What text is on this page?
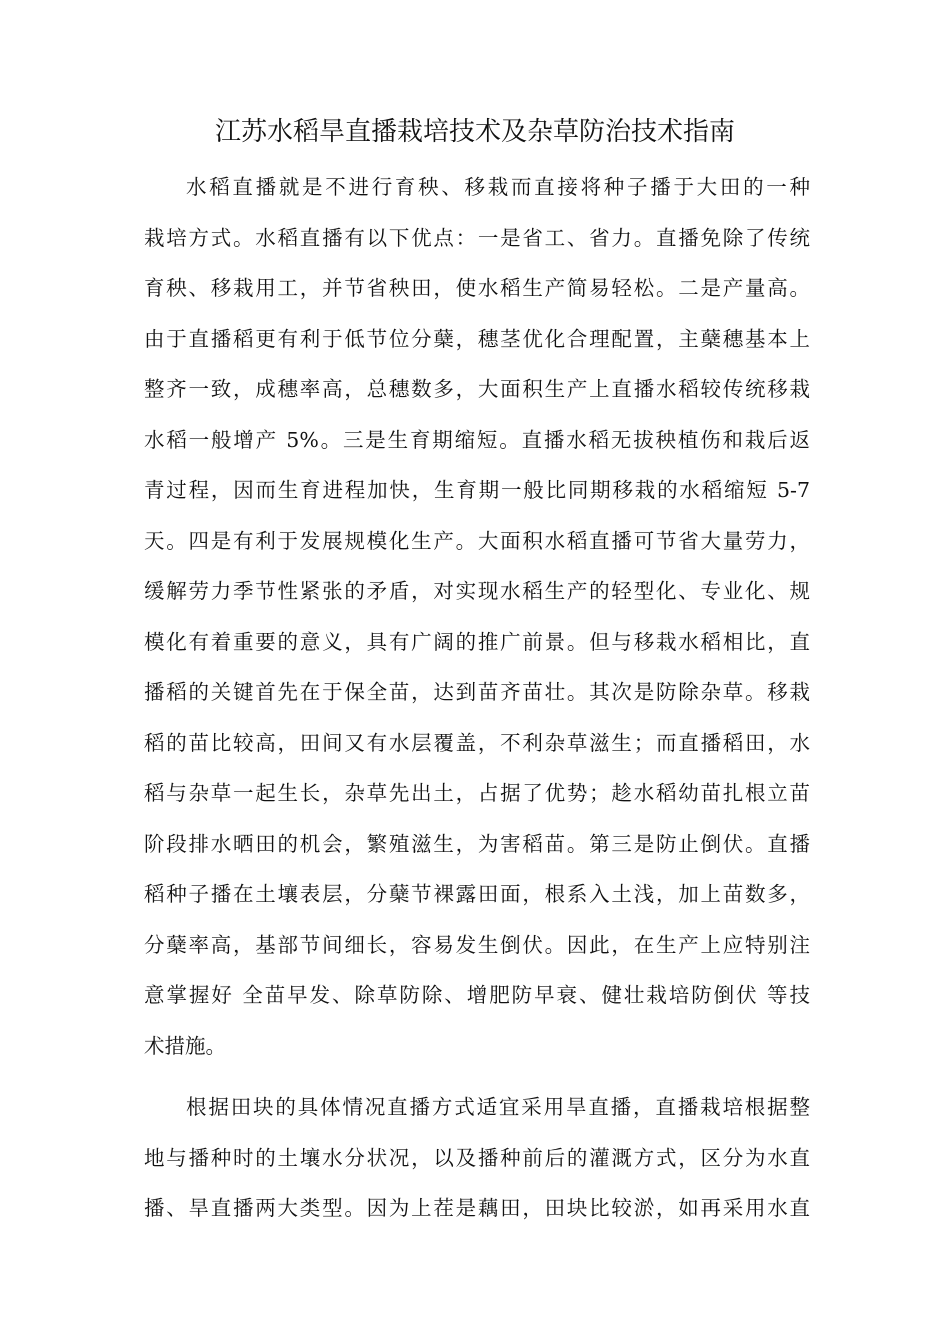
江苏水稻旱直播栽培技术及杂草防治技术指南
水稻直播就是不进行育秧、移栽而直接将种子播于大田的一种
栽培方式。水稻直播有以下优点：一是省工、省力。直播免除了传统
育秧、移栽用工，并节省秧田，使水稻生产简易轻松。二是产量高。
由于直播稻更有利于低节位分蘖，穗茎优化合理配置，主蘖穗基本上
整齐一致，成穗率高，总穗数多，大面积生产上直播水稻较传统移栽
水稻一般增产 5%。三是生育期缩短。直播水稻无拔秧植伤和栽后返
青过程，因而生育进程加快，生育期一般比同期移栽的水稻缩短 5-7
天。四是有利于发展规模化生产。大面积水稻直播可节省大量劳力，
缓解劳力季节性紧张的矛盾，对实现水稻生产的轻型化、专业化、规
模化有着重要的意义，具有广阔的推广前景。但与移栽水稻相比，直
播稻的关键首先在于保全苗，达到苗齐苗壮。其次是防除杂草。移栽
稻的苗比较高，田间又有水层覆盖，不利杂草滋生；而直播稻田，水
稻与杂草一起生长，杂草先出土，占据了优势；趁水稻幼苗扎根立苗
阶段排水晒田的机会，繁殖滋生，为害稻苗。第三是防止倒伏。直播
稻种子播在土壤表层，分蘖节裸露田面，根系入土浅，加上苗数多，
分蘖率高，基部节间细长，容易发生倒伏。因此，在生产上应特别注
意掌握好 全苗早发、除草防除、增肥防早衰、健壮栽培防倒伏 等技
术措施。
根据田块的具体情况直播方式适宜采用旱直播，直播栽培根据整
地与播种时的土壤水分状况，以及播种前后的灌溉方式，区分为水直
播、旱直播两大类型。因为上茬是藕田，田块比较淤，如再采用水直
